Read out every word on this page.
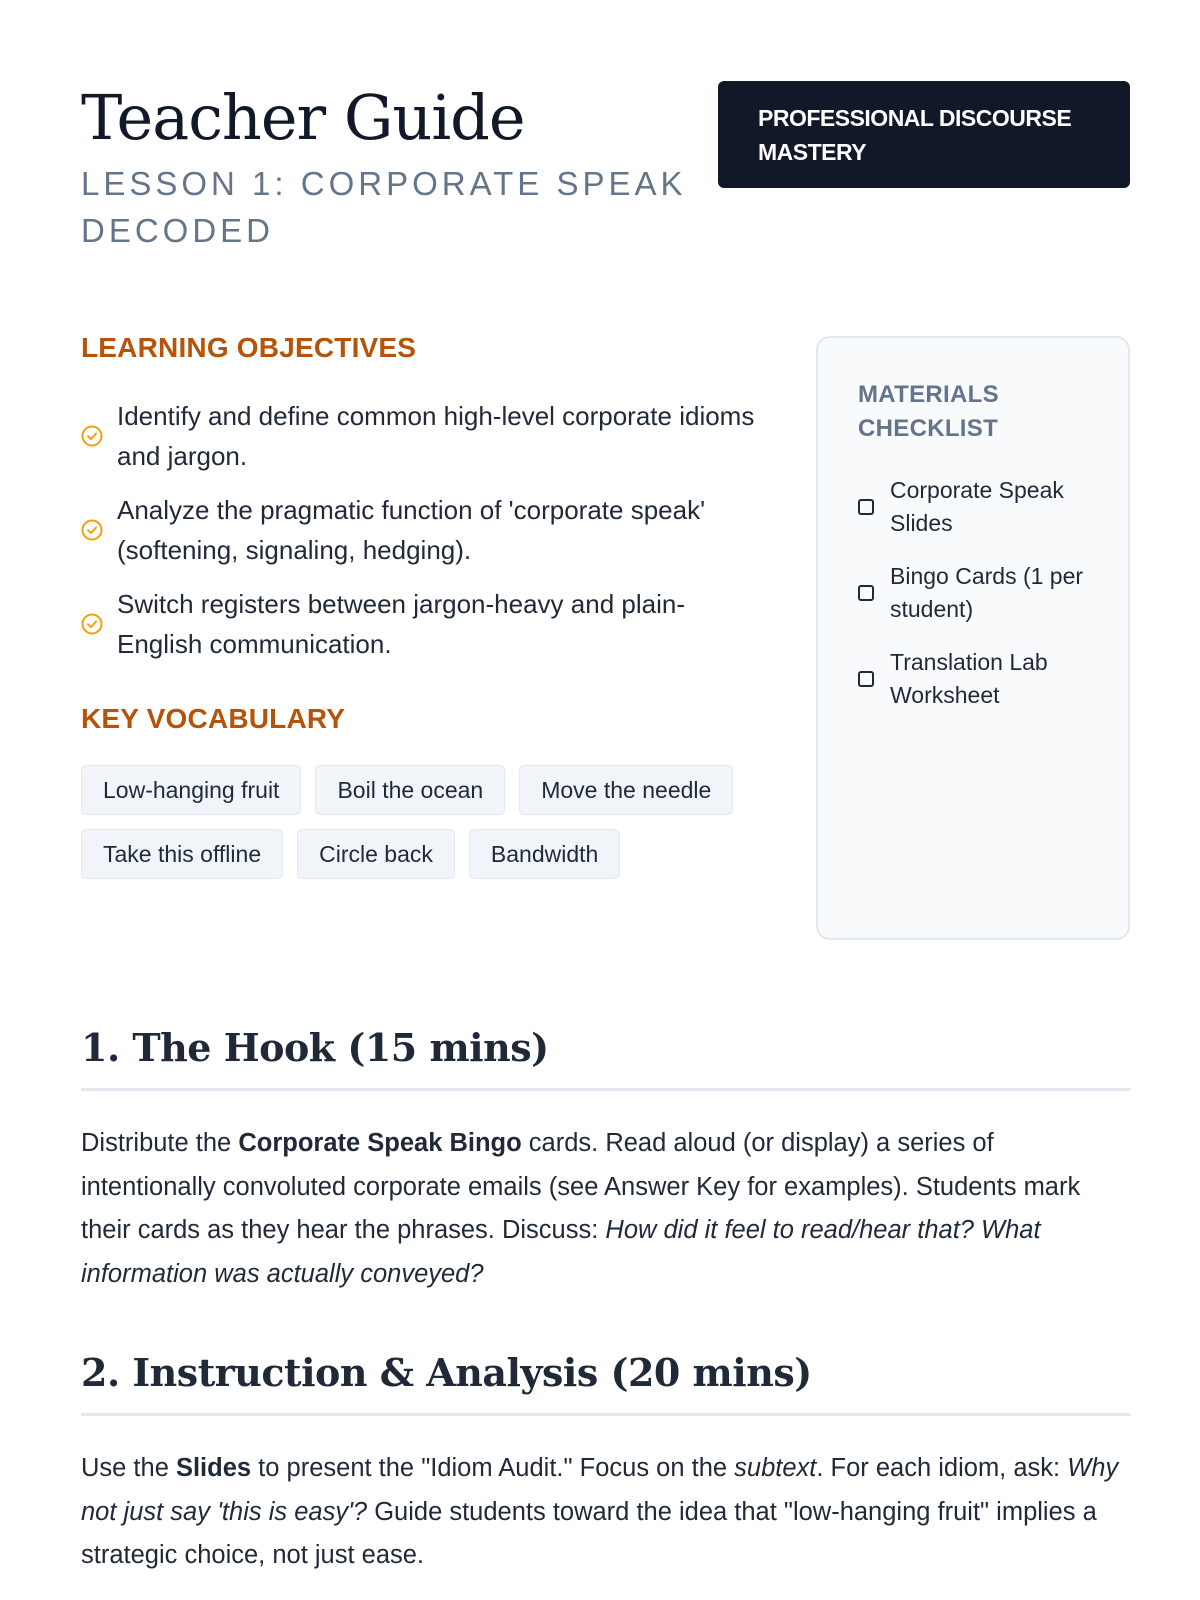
Teacher Guide
LESSON 1: CORPORATE SPEAK DECODED
PROFESSIONAL DISCOURSE MASTERY
LEARNING OBJECTIVES
Identify and define common high-level corporate idioms and jargon.
Analyze the pragmatic function of 'corporate speak' (softening, signaling, hedging).
Switch registers between jargon-heavy and plain-English communication.
KEY VOCABULARY
Low-hanging fruit	Boil the ocean	Move the needle
Take this offline	Circle back	Bandwidth
MATERIALS CHECKLIST
Corporate Speak Slides
Bingo Cards (1 per student)
Translation Lab Worksheet
1. The Hook (15 mins)

Distribute the Corporate Speak Bingo cards. Read aloud (or display) a series of intentionally convoluted corporate emails (see Answer Key for examples). Students mark their cards as they hear the phrases. Discuss: How did it feel to read/hear that? What information was actually conveyed?

2. Instruction & Analysis (20 mins)

Use the Slides to present the "Idiom Audit." Focus on the subtext. For each idiom, ask: Why not just say 'this is easy'? Guide students toward the idea that "low-hanging fruit" implies a strategic choice, not just ease.
